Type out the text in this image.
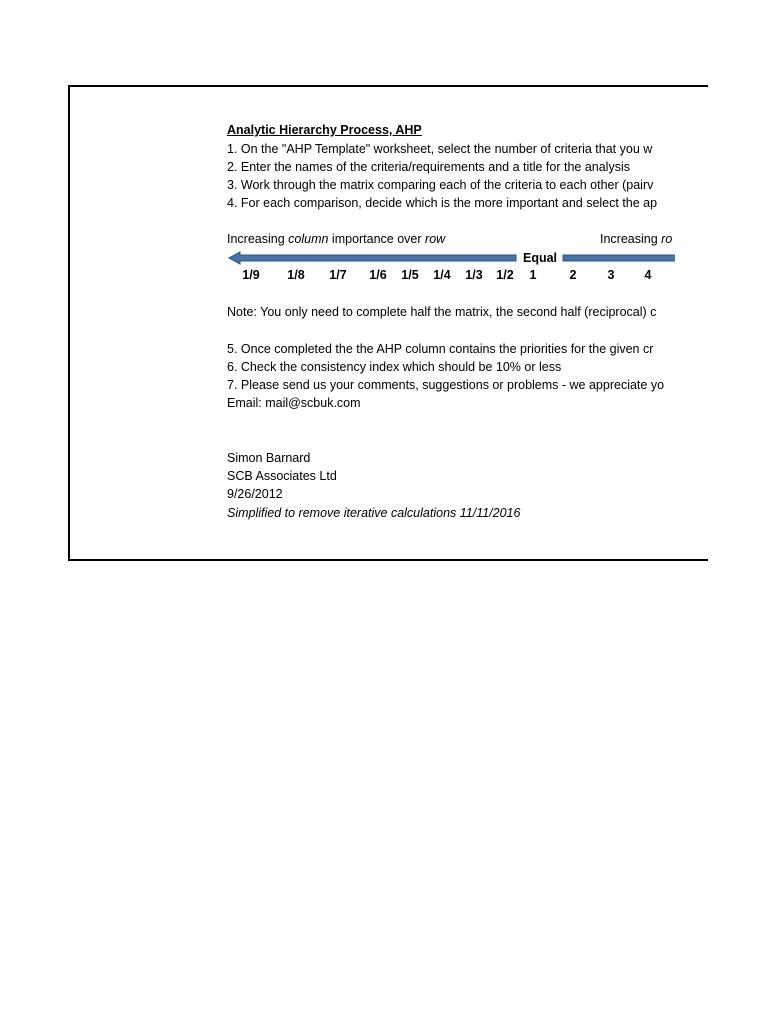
Analytic Hierarchy Process, AHP
1. On the "AHP Template" worksheet, select the number of criteria that you w
2. Enter the names of the criteria/requirements and a title for the analysis
3. Work through the matrix comparing each of the criteria to each other (pairv
4. For each comparison, decide which is the more important and select the ap
Increasing column importance over row	Increasing ro
Equal
1/9 1/8 1/7 1/6 1/5 1/4 1/3 1/2 1	2 3 4
Note: You only need to complete half the matrix, the second half (reciprocal) c
5. Once completed the the AHP column contains the priorities for the given cr
6. Check the consistency index which should be 10% or less
7. Please send us your comments, suggestions or problems - we appreciate yo
Email: mail@scbuk.com
Simon Barnard
SCB Associates Ltd
9/26/2012
Simplified to remove iterative calculations 11/11/2016
